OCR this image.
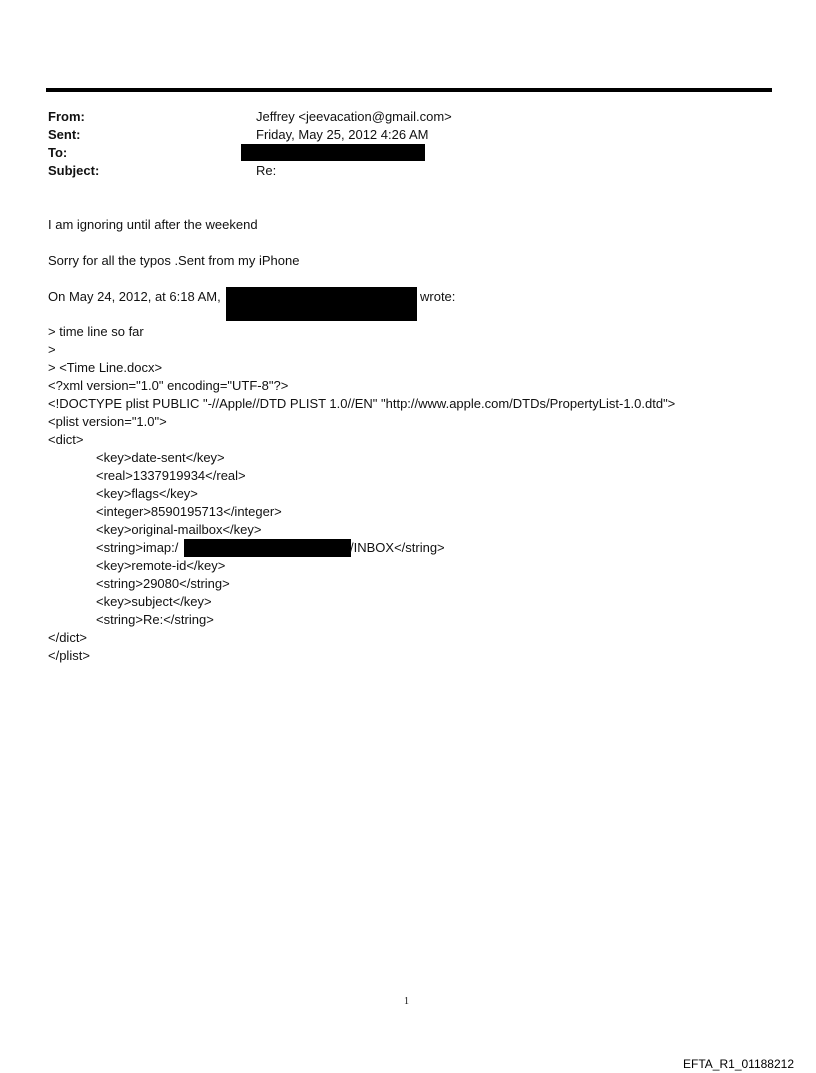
From:	Jeffrey <jeevacation@gmail.com>
Sent:	Friday, May 25, 2012 4:26 AM
To:
Subject:	Re:
I am ignoring until after the weekend
Sorry for all the typos .Sent from my iPhone
On May 24, 2012, at 6:18 AM,	wrote:
> time line so far
>
> <Time Line.docx>
<?xml version="1.0" encoding="UTF-8"?>
<!DOCTYPE plist PUBLIC "-//Apple//DTD PLIST 1.0//EN" "http://www.apple.com/DTDs/PropertyList-1.0.dtd">
<plist version="1.0">
<dict>
<key>date-sent</key>
<real>1337919934</real>
<key>flags</key>
<integer>8590195713</integer>
<key>original-mailbox</key>
<string>imap:/	/INBOX</string>
<key>remote-id</key>
<string>29080</string>
<key>subject</key>
<string>Re:</string>
</dict>
</plist>
1
EFTA_R1_01188212
